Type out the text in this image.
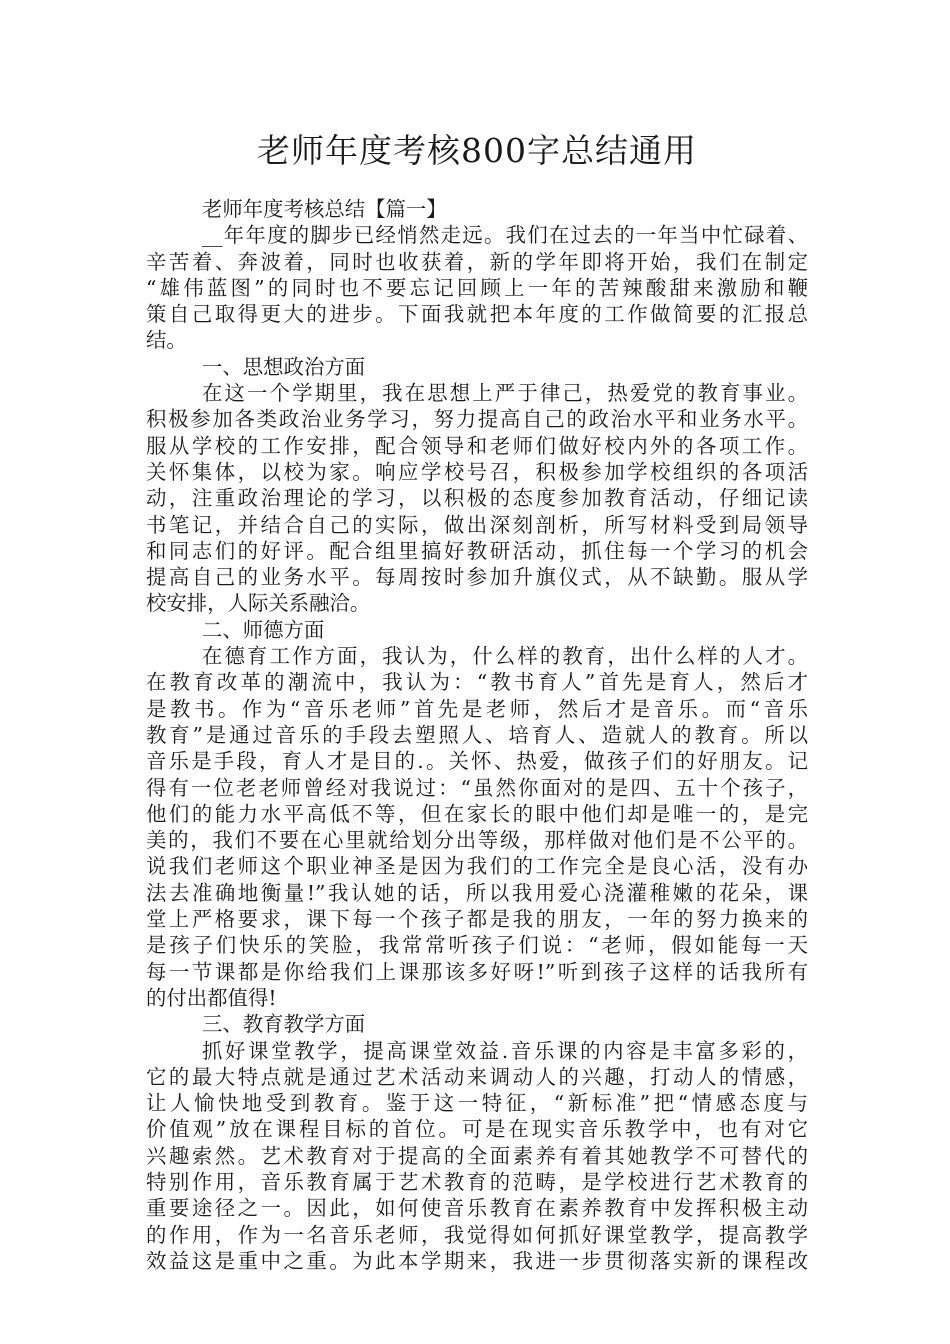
老师年度考核800字总结通用
老师年度考核总结【篇一】
__年年度的脚步已经悄然走远。我们在过去的一年当中忙碌着、
辛苦着、奔波着，同时也收获着，新的学年即将开始，我们在制定
“雄伟蓝图”的同时也不要忘记回顾上一年的苦辣酸甜来激励和鞭
策自己取得更大的进步。下面我就把本年度的工作做简要的汇报总
结。
一、思想政治方面
在这一个学期里，我在思想上严于律己，热爱党的教育事业。
积极参加各类政治业务学习，努力提高自己的政治水平和业务水平。
服从学校的工作安排，配合领导和老师们做好校内外的各项工作。
关怀集体，以校为家。响应学校号召，积极参加学校组织的各项活
动，注重政治理论的学习，以积极的态度参加教育活动，仔细记读
书笔记，并结合自己的实际，做出深刻剖析，所写材料受到局领导
和同志们的好评。配合组里搞好教研活动，抓住每一个学习的机会
提高自己的业务水平。每周按时参加升旗仪式，从不缺勤。服从学
校安排，人际关系融洽。
二、师德方面
在德育工作方面，我认为，什么样的教育，出什么样的人才。
在教育改革的潮流中，我认为：“教书育人”首先是育人，然后才
是教书。作为“音乐老师”首先是老师，然后才是音乐。而“音乐
教育”是通过音乐的手段去塑照人、培育人、造就人的教育。所以
音乐是手段，育人才是目的.。关怀、热爱，做孩子们的好朋友。记
得有一位老老师曾经对我说过：“虽然你面对的是四、五十个孩子，
他们的能力水平高低不等，但在家长的眼中他们却是唯一的，是完
美的，我们不要在心里就给划分出等级，那样做对他们是不公平的。
说我们老师这个职业神圣是因为我们的工作完全是良心活，没有办
法去准确地衡量!”我认她的话，所以我用爱心浇灌稚嫩的花朵，课
堂上严格要求，课下每一个孩子都是我的朋友，一年的努力换来的
是孩子们快乐的笑脸，我常常听孩子们说：“老师，假如能每一天
每一节课都是你给我们上课那该多好呀!”听到孩子这样的话我所有
的付出都值得!
三、教育教学方面
抓好课堂教学，提高课堂效益.音乐课的内容是丰富多彩的，
它的最大特点就是通过艺术活动来调动人的兴趣，打动人的情感，
让人愉快地受到教育。鉴于这一特征，“新标准”把“情感态度与
价值观”放在课程目标的首位。可是在现实音乐教学中，也有对它
兴趣索然。艺术教育对于提高的全面素养有着其她教学不可替代的
特别作用，音乐教育属于艺术教育的范畴，是学校进行艺术教育的
重要途径之一。因此，如何使音乐教育在素养教育中发挥积极主动
的作用，作为一名音乐老师，我觉得如何抓好课堂教学，提高教学
效益这是重中之重。为此本学期来，我进一步贯彻落实新的课程改
